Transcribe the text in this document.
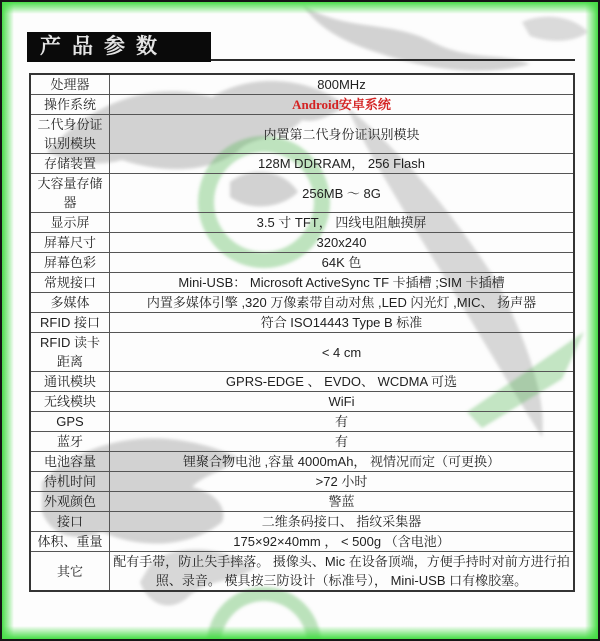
产品参数
处理器	800MHz
操作系统	Android安卓系统
二代身份证识别模块	内置第二代身份证识别模块
存储装置	128M DDRRAM， 256 Flash
大容量存储器	256MB ～ 8G
显示屏	3.5 寸 TFT， 四线电阻触摸屏
屏幕尺寸	320x240
屏幕色彩	64K 色
常规接口	Mini-USB： Microsoft ActiveSync TF 卡插槽 ;SIM 卡插槽
多媒体	内置多媒体引擎 ,320 万像素带自动对焦 ,LED 闪光灯 ,MIC、 扬声器
RFID 接口	符合 ISO14443 Type B 标准
RFID 读卡距离	< 4 cm
通讯模块	GPRS-EDGE 、 EVDO、 WCDMA 可选
无线模块	WiFi
GPS	有
蓝牙	有
电池容量	锂聚合物电池 ,容量 4000mAh， 视情况而定（可更换）
待机时间	>72 小时
外观颜色	警蓝
接口	二维条码接口、 指纹采集器
体积、重量	175×92×40mm ， < 500g （含电池）
其它	配有手带，防止失手摔落。 摄像头、Mic 在设备顶端，方便手持时对前方进行拍照、录音。 模具按三防设计（标准号）， Mini-USB 口有橡胶塞。
